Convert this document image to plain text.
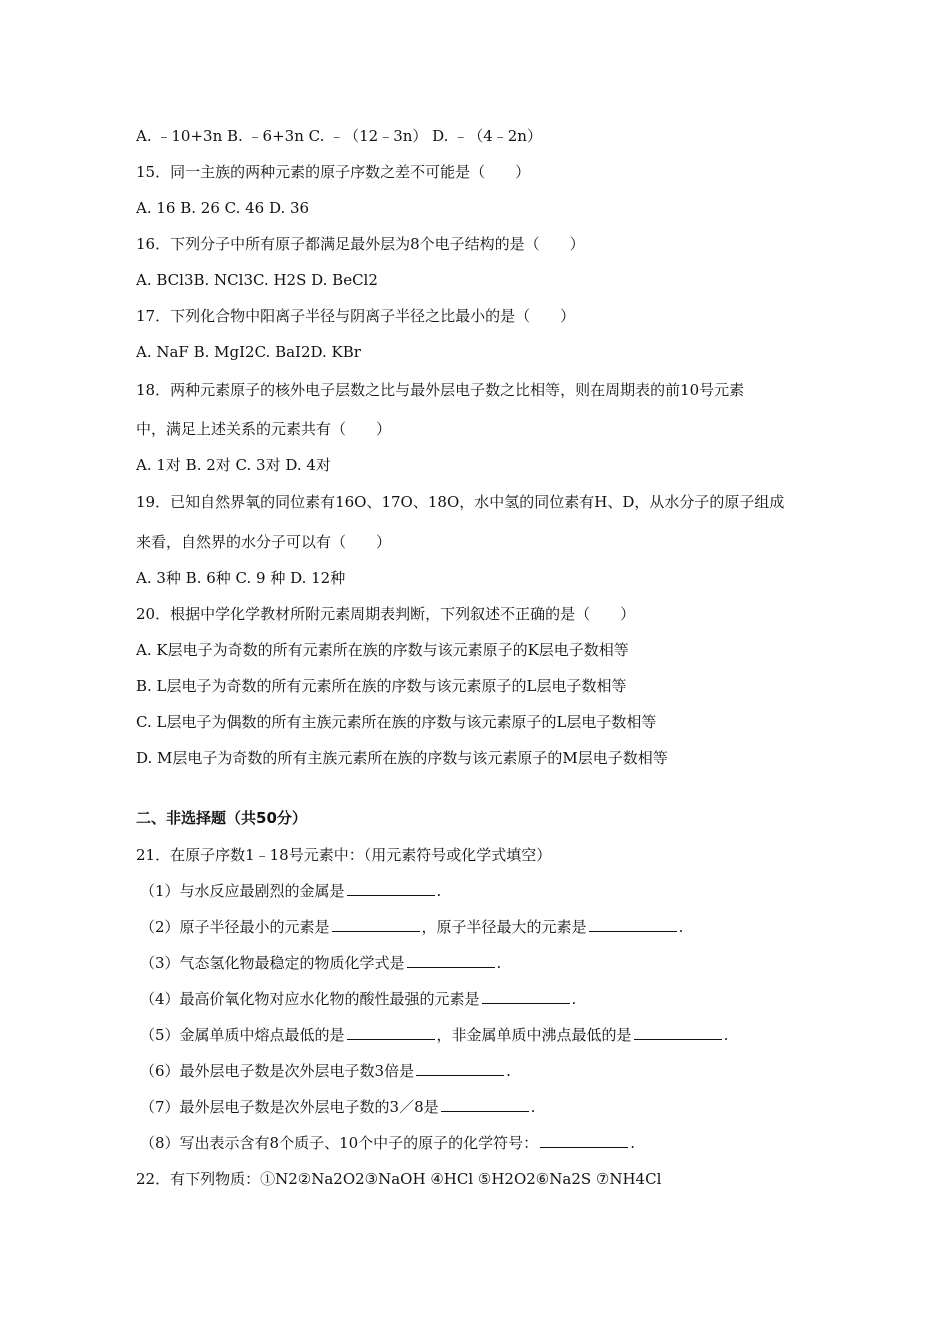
A. ﹣10+3n B. ﹣6+3n C. ﹣（12﹣3n） D. ﹣（4﹣2n）
15．同一主族的两种元素的原子序数之差不可能是（　　）
A. 16 B. 26 C. 46 D. 36
16．下列分子中所有原子都满足最外层为8个电子结构的是（　　）
A. BCl3B. NCl3C. H2S D. BeCl2
17．下列化合物中阳离子半径与阴离子半径之比最小的是（　　）
A. NaF B. MgI2C. BaI2D. KBr
18．两种元素原子的核外电子层数之比与最外层电子数之比相等，则在周期表的前10号元素
中，满足上述关系的元素共有（　　）
A. 1对 B. 2对 C. 3对 D. 4对
19．已知自然界氧的同位素有16O、17O、18O，水中氢的同位素有H、D，从水分子的原子组成
来看，自然界的水分子可以有（　　）
A. 3种 B. 6种 C. 9 种 D. 12种
20．根据中学化学教材所附元素周期表判断，下列叙述不正确的是（　　）
A. K层电子为奇数的所有元素所在族的序数与该元素原子的K层电子数相等
B. L层电子为奇数的所有元素所在族的序数与该元素原子的L层电子数相等
C. L层电子为偶数的所有主族元素所在族的序数与该元素原子的L层电子数相等
D. M层电子为奇数的所有主族元素所在族的序数与该元素原子的M层电子数相等
二、非选择题（共50分）
21．在原子序数1﹣18号元素中：（用元素符号或化学式填空）
（1）与水反应最剧烈的金属是	.
（2）原子半径最小的元素是	，原子半径最大的元素是	.
（3）气态氢化物最稳定的物质化学式是	.
（4）最高价氧化物对应水化物的酸性最强的元素是	.
（5）金属单质中熔点最低的是	，非金属单质中沸点最低的是	.
（6）最外层电子数是次外层电子数3倍是	.
（7）最外层电子数是次外层电子数的3／8是	.
（8）写出表示含有8个质子、10个中子的原子的化学符号：	.
22．有下列物质：①N2②Na2O2③NaOH ④HCl ⑤H2O2⑥Na2S ⑦NH4Cl
